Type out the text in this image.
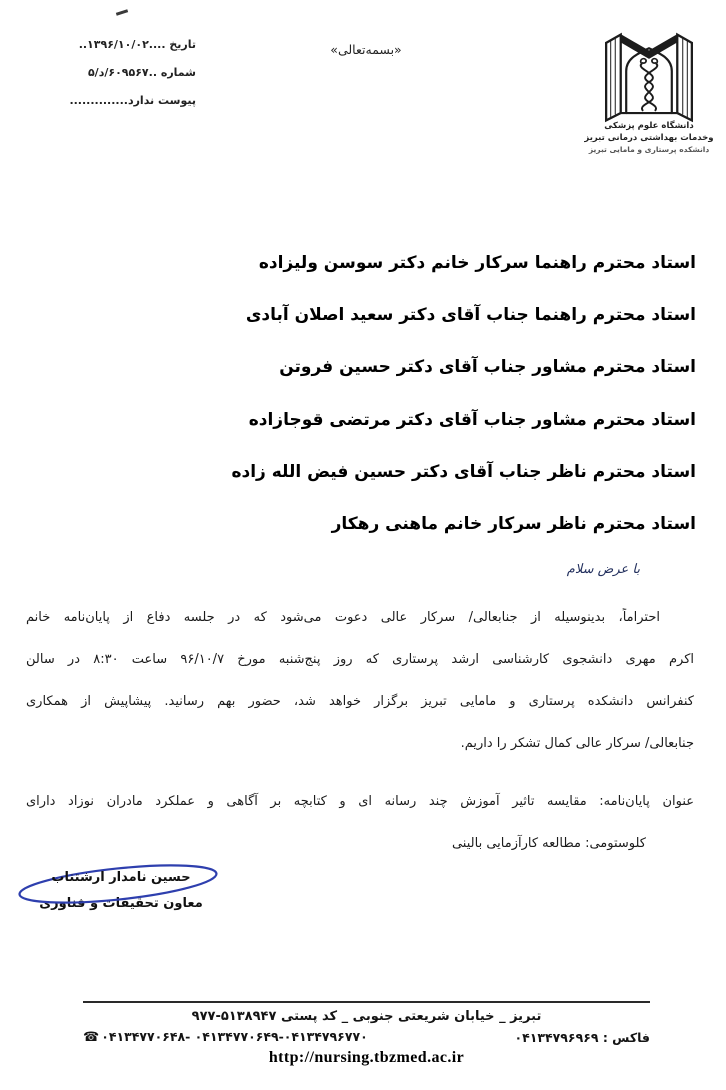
تاریخ ....۱۳۹۶/۱۰/۰۲..
شماره ..۶۰۹۵۶۷/د/۵
پیوست ندارد..............
«بسمه‌تعالی»
دانشگاه علوم پزشکی
وخدمات بهداشتی درمانی تبریز
دانشکده پرستاری و مامایی تبریز
استاد محترم راهنما سرکار خانم دکتر سوسن ولیزاده
استاد محترم راهنما جناب آقای دکتر سعید اصلان آبادی
استاد محترم مشاور جناب آقای دکتر حسین فروتن
استاد محترم مشاور جناب آقای دکتر مرتضی قوجازاده
استاد محترم ناظر جناب آقای دکتر حسین فیض الله زاده
استاد محترم ناظر سرکار خانم ماهنی رهکار
با عرض سلام
احتراماً، بدینوسیله از جنابعالی/ سرکار عالی دعوت می‌شود که در جلسه دفاع از پایان‌نامه خانم
اکرم مهری دانشجوی کارشناسی ارشد پرستاری که روز پنج‌شنبه مورخ ۹۶/۱۰/۷ ساعت ۸:۳۰ در سالن
کنفرانس دانشکده پرستاری و مامایی تبریز برگزار خواهد شد، حضور بهم رسانید. پیشاپیش از همکاری
جنابعالی/ سرکار عالی کمال تشکر را داریم.
عنوان پایان‌نامه: مقایسه تاثیر آموزش چند رسانه ای و کتابچه بر آگاهی و عملکرد مادران نوزاد دارای
کلوستومی: مطالعه کارآزمایی بالینی
حسین نامدار ارشتناب
معاون تحقیقات و فناوری
تبریز _ خیابان شریعتی جنوبی _ کد پستی ۵۱۳۸۹۴۷-۹۷۷
☎ ۰۴۱۳۴۷۷۰۶۴۸- ۰۴۱۳۴۷۷۰۶۴۹-۰۴۱۳۴۷۹۶۷۷۰	فاکس : ۰۴۱۳۴۷۹۶۹۶۹
http://nursing.tbzmed.ac.ir
